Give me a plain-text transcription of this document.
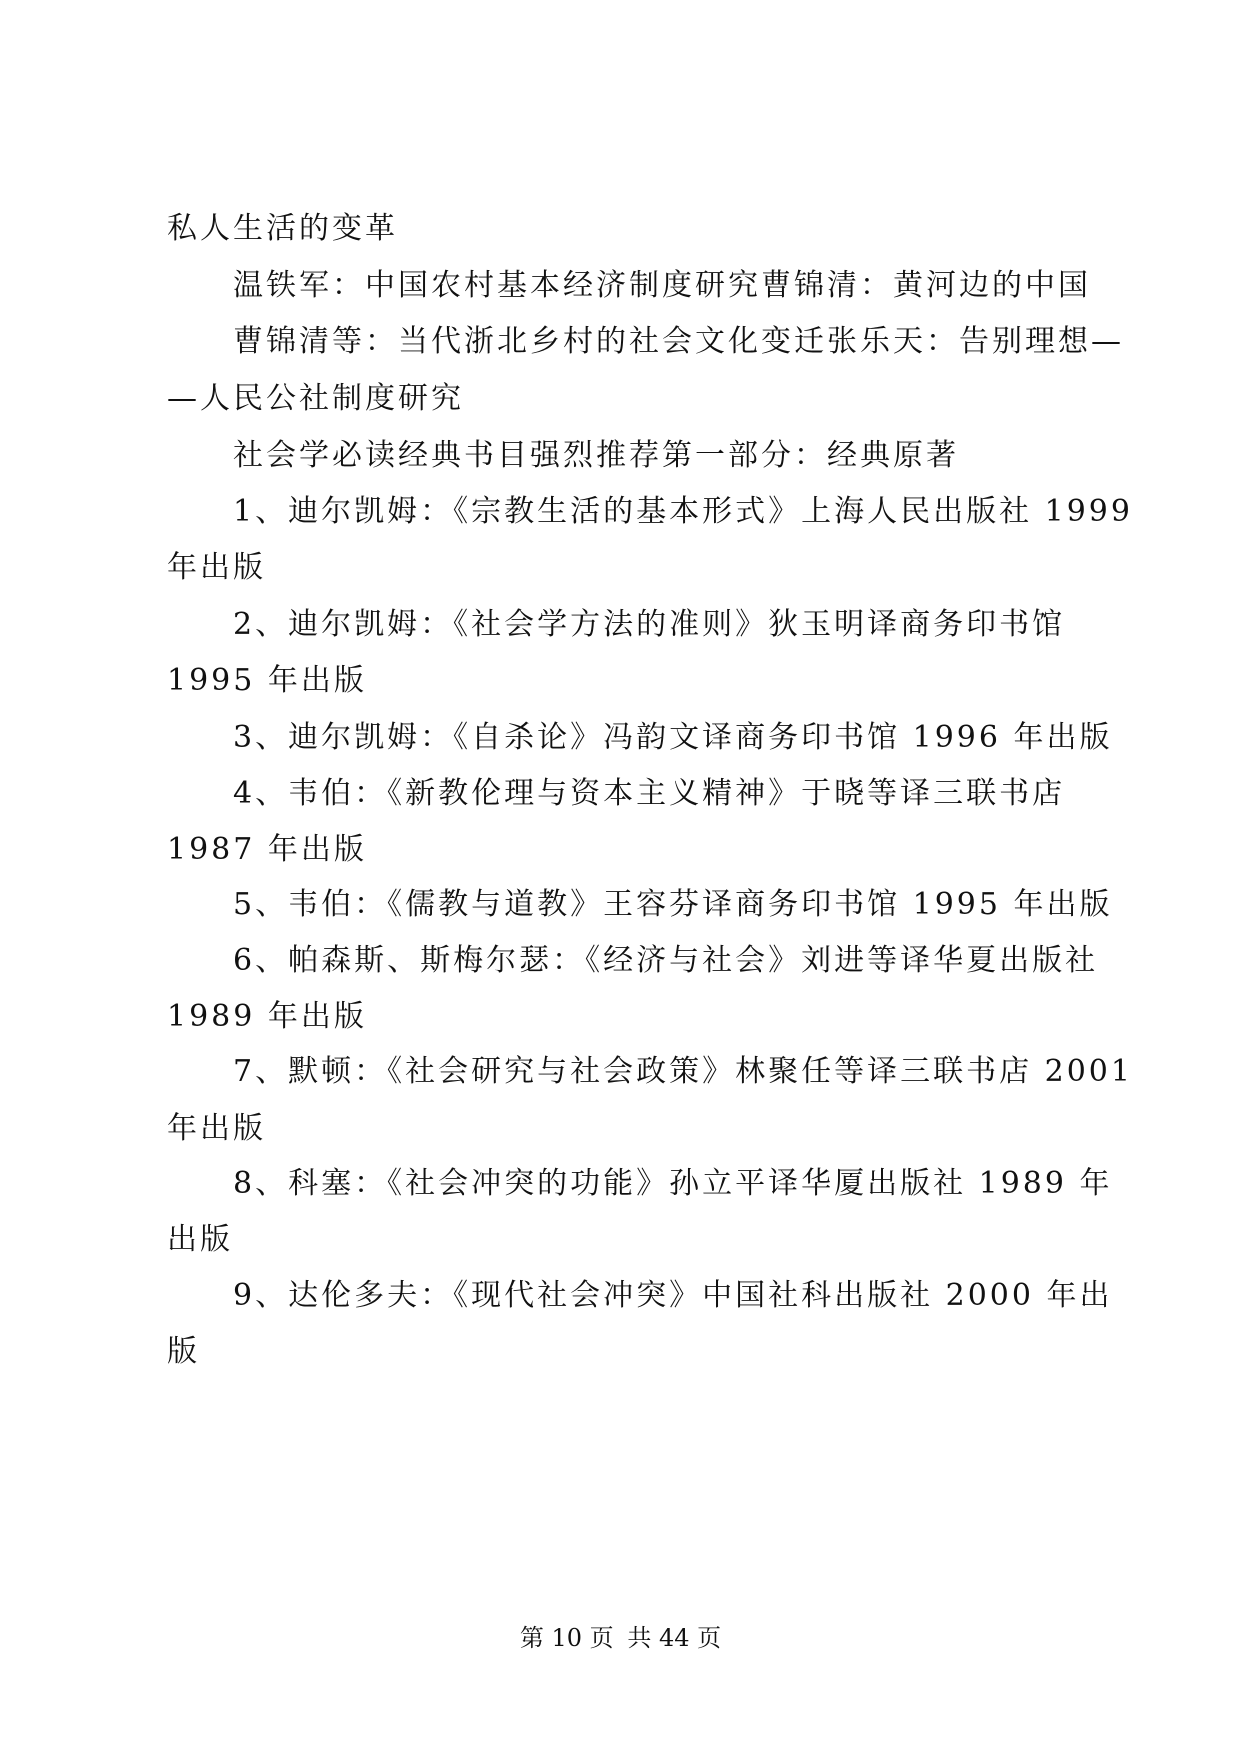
私人生活的变革
温铁军：中国农村基本经济制度研究曹锦清：黄河边的中国
曹锦清等：当代浙北乡村的社会文化变迁张乐天：告别理想—
—人民公社制度研究
社会学必读经典书目强烈推荐第一部分：经典原著
1、迪尔凯姆：《宗教生活的基本形式》上海人民出版社 1999
年出版
2、迪尔凯姆：《社会学方法的准则》狄玉明译商务印书馆
1995 年出版
3、迪尔凯姆：《自杀论》冯韵文译商务印书馆 1996 年出版
4、韦伯：《新教伦理与资本主义精神》于晓等译三联书店
1987 年出版
5、韦伯：《儒教与道教》王容芬译商务印书馆 1995 年出版
6、帕森斯、斯梅尔瑟：《经济与社会》刘进等译华夏出版社
1989 年出版
7、默顿：《社会研究与社会政策》林聚任等译三联书店 2001
年出版
8、科塞：《社会冲突的功能》孙立平译华厦出版社 1989 年
出版
9、达伦多夫：《现代社会冲突》中国社科出版社 2000 年出
版
第 10 页 共 44 页
